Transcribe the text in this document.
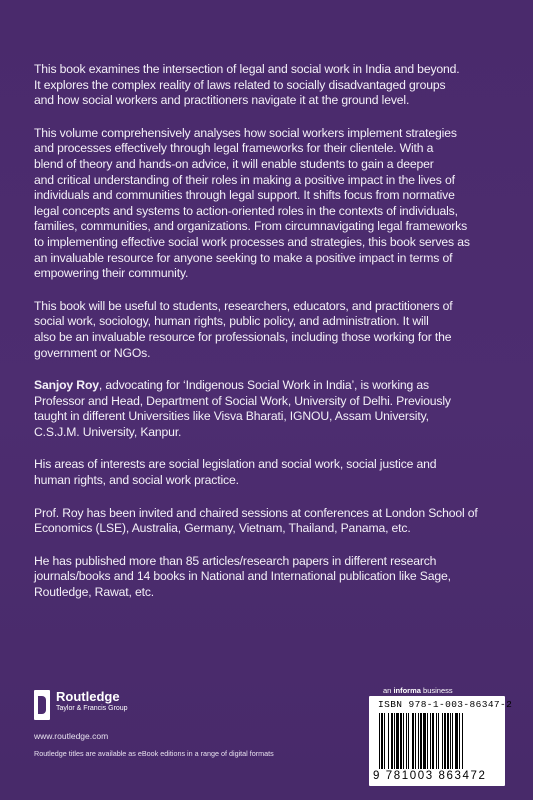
This book examines the intersection of legal and social work in India and beyond.
It explores the complex reality of laws related to socially disadvantaged groups
and how social workers and practitioners navigate it at the ground level.

This volume comprehensively analyses how social workers implement strategies
and processes effectively through legal frameworks for their clientele. With a
blend of theory and hands-on advice, it will enable students to gain a deeper
and critical understanding of their roles in making a positive impact in the lives of
individuals and communities through legal support. It shifts focus from normative
legal concepts and systems to action-oriented roles in the contexts of individuals,
families, communities, and organizations. From circumnavigating legal frameworks
to implementing effective social work processes and strategies, this book serves as
an invaluable resource for anyone seeking to make a positive impact in terms of
empowering their community.

This book will be useful to students, researchers, educators, and practitioners of
social work, sociology, human rights, public policy, and administration. It will
also be an invaluable resource for professionals, including those working for the
government or NGOs.

Sanjoy Roy, advocating for ‘Indigenous Social Work in India’, is working as
Professor and Head, Department of Social Work, University of Delhi. Previously
taught in different Universities like Visva Bharati, IGNOU, Assam University,
C.S.J.M. University, Kanpur.

His areas of interests are social legislation and social work, social justice and
human rights, and social work practice.

Prof. Roy has been invited and chaired sessions at conferences at London School of
Economics (LSE), Australia, Germany, Vietnam, Thailand, Panama, etc.

He has published more than 85 articles/research papers in different research
journals/books and 14 books in National and International publication like Sage,
Routledge, Rawat, etc.

Routledge
Taylor & Francis Group
www.routledge.com
Routledge titles are available as eBook editions in a range of digital formats
an informa business
ISBN 978-1-003-86347-2
9 781003 863472
